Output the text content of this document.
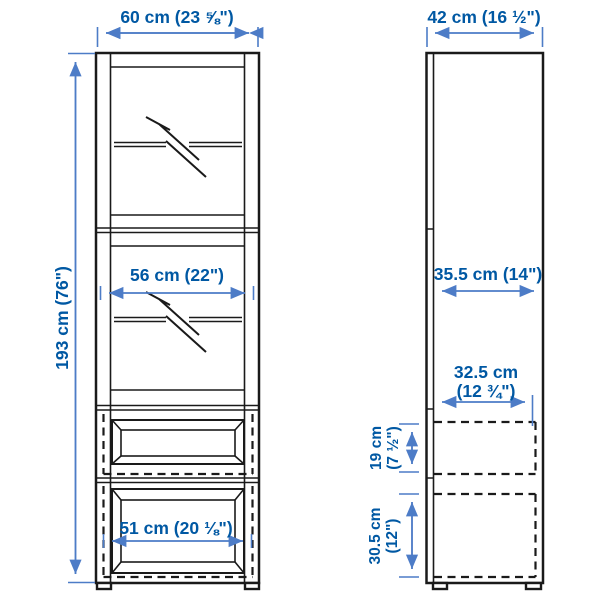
60 cm (23 ⅝")
193 cm (76")	56 cm (22")
51 cm (20 ⅛")
42 cm (16 ½")
35.5 cm (14")
32.5 cm
(12 ¾")
19 cm (7 ½")
30.5 cm (12")
